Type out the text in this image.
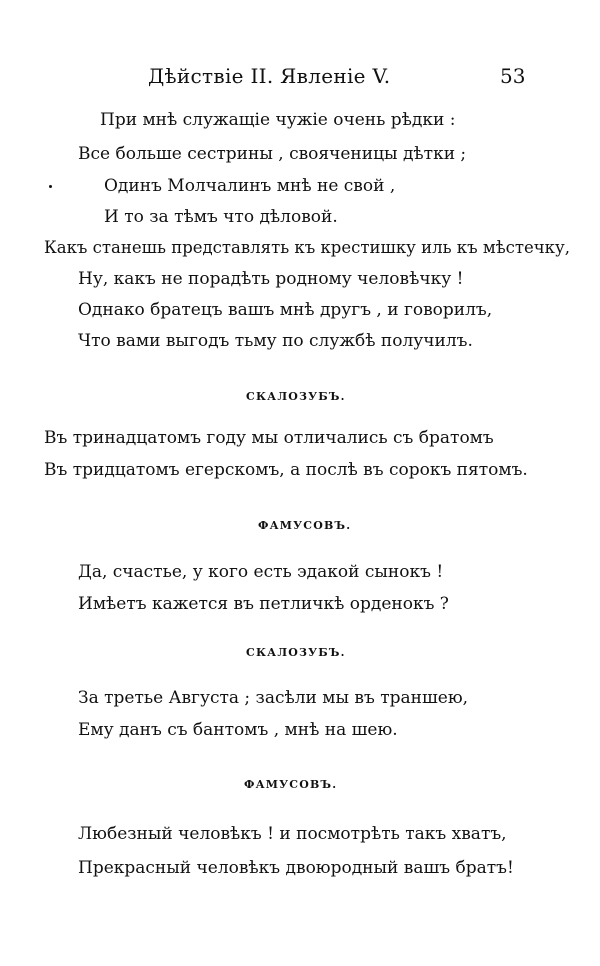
Дѣйствіе II. Явленіе V.	53
При мнѣ служащіе чужіе очень рѣдки :
Все больше сестрины , свояченицы дѣтки ;
Одинъ Молчалинъ мнѣ не свой ,
И то за тѣмъ что дѣловой.
Какъ станешь представлять къ крестишку иль къ мѣстечку,
Ну, какъ не порадѣть родному человѣчку !
Однако братецъ вашъ мнѣ другъ , и говорилъ,
Что вами выгодъ тьму по службѣ получилъ.
СКАЛОЗУБЪ.
Въ тринадцатомъ году мы отличались съ братомъ
Въ тридцатомъ егерскомъ, а послѣ въ сорокъ пятомъ.
ФАМУСОВЪ.
Да, счастье, у кого есть эдакой сынокъ !
Имѣетъ кажется въ петличкѣ орденокъ ?
СКАЛОЗУБЪ.
За третье Августа ; засѣли мы въ траншею,
Ему данъ съ бантомъ , мнѣ на шею.
ФАМУСОВЪ.
Любезный человѣкъ ! и посмотрѣть такъ хватъ,
Прекрасный человѣкъ двоюродный вашъ братъ!
